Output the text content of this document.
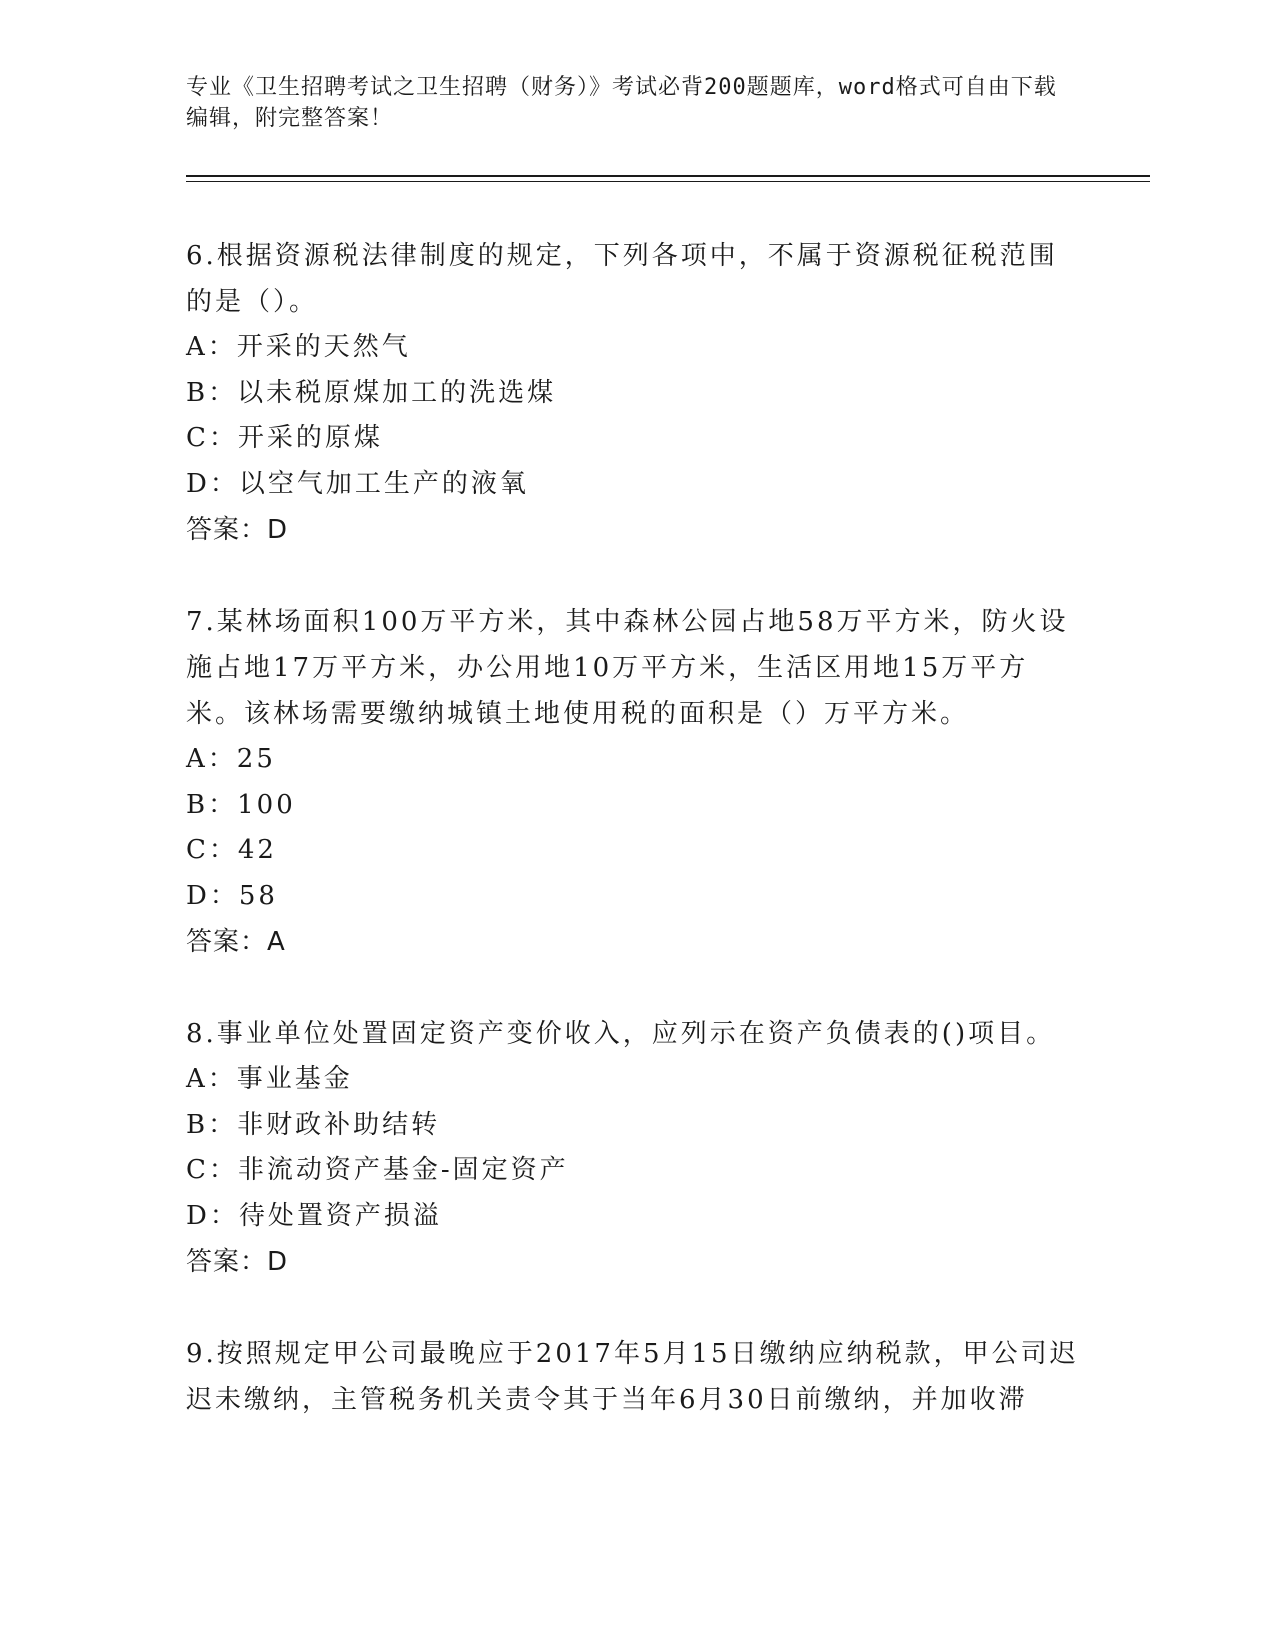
专业《卫生招聘考试之卫生招聘（财务）》考试必背200题题库，word格式可自由下载编辑，附完整答案！

6.根据资源税法律制度的规定，下列各项中，不属于资源税征税范围的是（）。

A：开采的天然气

B：以未税原煤加工的洗选煤

C：开采的原煤

D：以空气加工生产的液氧

答案：D

7.某林场面积100万平方米，其中森林公园占地58万平方米，防火设施占地17万平方米，办公用地10万平方米，生活区用地15万平方米。该林场需要缴纳城镇土地使用税的面积是（）万平方米。

A：25

B：100

C：42

D：58

答案：A

8.事业单位处置固定资产变价收入，应列示在资产负债表的()项目。

A：事业基金

B：非财政补助结转

C：非流动资产基金-固定资产

D：待处置资产损溢

答案：D

9.按照规定甲公司最晚应于2017年5月15日缴纳应纳税款，甲公司迟迟未缴纳，主管税务机关责令其于当年6月30日前缴纳，并加收滞
